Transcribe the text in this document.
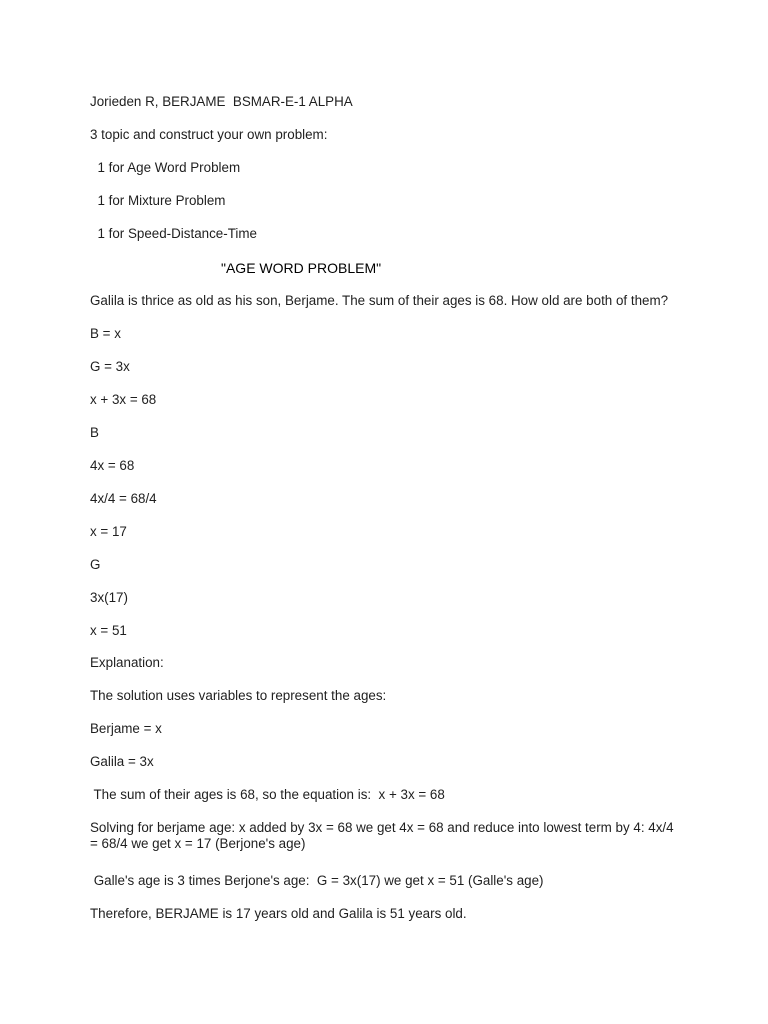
Jorieden R, BERJAME  BSMAR-E-1 ALPHA

3 topic and construct your own problem:

1 for Age Word Problem

1 for Mixture Problem

1 for Speed-Distance-Time

"AGE WORD PROBLEM"

Galila is thrice as old as his son, Berjame. The sum of their ages is 68. How old are both of them?

B = x

G = 3x

x + 3x = 68

B

4x = 68

4x/4 = 68/4

x = 17

G

3x(17)

x = 51

Explanation:

The solution uses variables to represent the ages:

Berjame = x

Galila = 3x

The sum of their ages is 68, so the equation is:  x + 3x = 68

Solving for berjame age: x added by 3x = 68 we get 4x = 68 and reduce into lowest term by 4: 4x/4 = 68/4 we get x = 17 (Berjone's age)

Galle's age is 3 times Berjone's age:  G = 3x(17) we get x = 51 (Galle's age)

Therefore, BERJAME is 17 years old and Galila is 51 years old.
